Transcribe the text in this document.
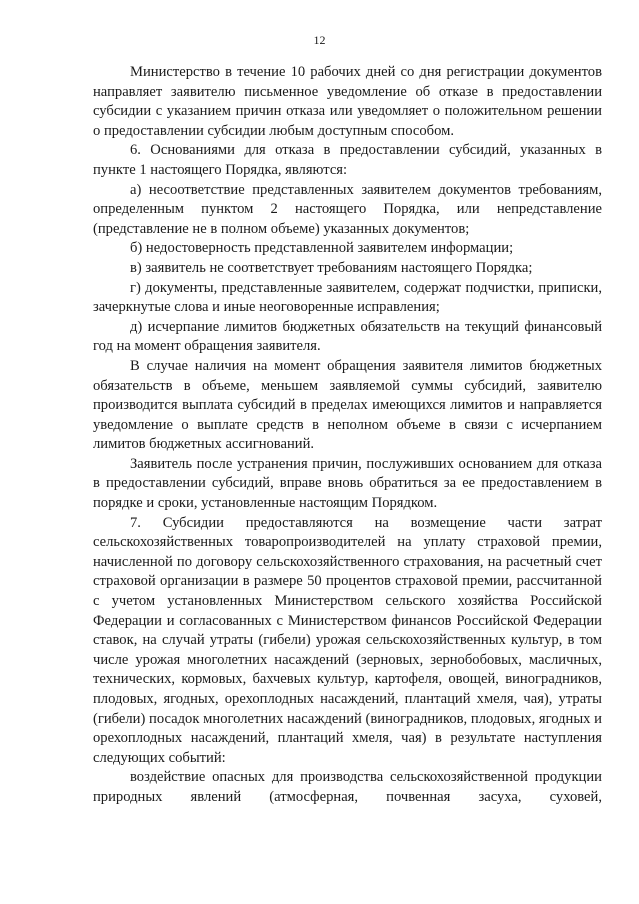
12

Министерство в течение 10 рабочих дней со дня регистрации документов направляет заявителю письменное уведомление об отказе в предоставлении субсидии с указанием причин отказа или уведомляет о положительном решении о предоставлении субсидии любым доступным способом.

6. Основаниями для отказа в предоставлении субсидий, указанных в пункте 1 настоящего Порядка, являются:

а) несоответствие представленных заявителем документов требованиям, определенным пунктом 2 настоящего Порядка, или непредставление (представление не в полном объеме) указанных документов;

б) недостоверность представленной заявителем информации;

в) заявитель не соответствует требованиям настоящего Порядка;

г) документы, представленные заявителем, содержат подчистки, приписки, зачеркнутые слова и иные неоговоренные исправления;

д) исчерпание лимитов бюджетных обязательств на текущий финансовый год на момент обращения заявителя.

В случае наличия на момент обращения заявителя лимитов бюджетных обязательств в объеме, меньшем заявляемой суммы субсидий, заявителю производится выплата субсидий в пределах имеющихся лимитов и направляется уведомление о выплате средств в неполном объеме в связи с исчерпанием лимитов бюджетных ассигнований.

Заявитель после устранения причин, послуживших основанием для отказа в предоставлении субсидий, вправе вновь обратиться за ее предоставлением в порядке и сроки, установленные настоящим Порядком.

7. Субсидии предоставляются на возмещение части затрат сельскохозяйственных товаропроизводителей на уплату страховой премии, начисленной по договору сельскохозяйственного страхования, на расчетный счет страховой организации в размере 50 процентов страховой премии, рассчитанной с учетом установленных Министерством сельского хозяйства Российской Федерации и согласованных с Министерством финансов Российской Федерации ставок, на случай утраты (гибели) урожая сельскохозяйственных культур, в том числе урожая многолетних насаждений (зерновых, зернобобовых, масличных, технических, кормовых, бахчевых культур, картофеля, овощей, виноградников, плодовых, ягодных, орехоплодных насаждений, плантаций хмеля, чая), утраты (гибели) посадок многолетних насаждений (виноградников, плодовых, ягодных и орехоплодных насаждений, плантаций хмеля, чая) в результате наступления следующих событий:

воздействие опасных для производства сельскохозяйственной продукции природных явлений (атмосферная, почвенная засуха, суховей,
